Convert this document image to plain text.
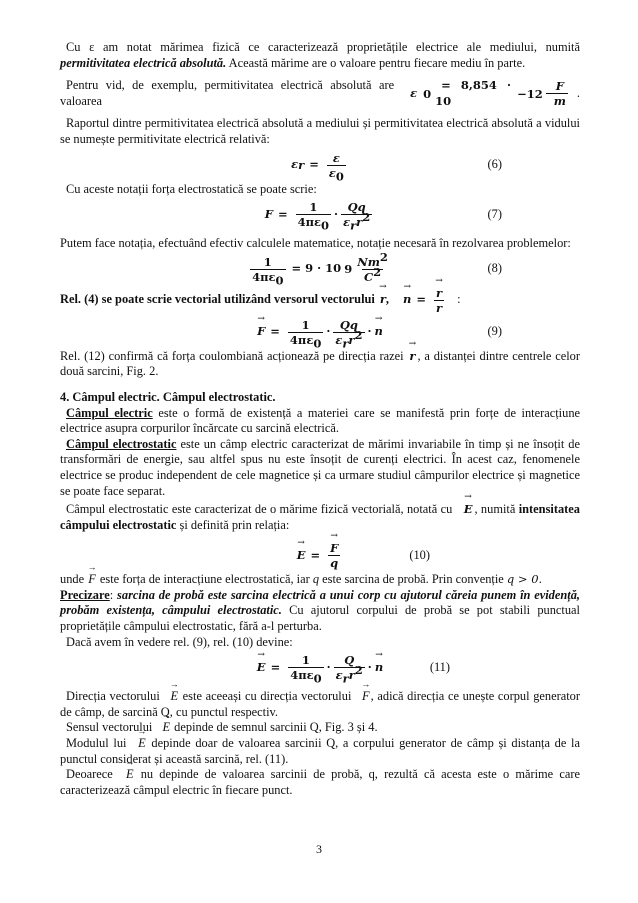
Cu ε am notat mărimea fizică ce caracterizează proprietățile electrice ale mediului, numită permitivitatea electrică absolută. Această mărime are o valoare pentru fiecare mediu în parte.

Pentru vid, de exemplu, permitivitatea electrică absolută are valoarea
ε 0
= 8,854 · 10	$-12 \frac{F}{m}$ .

Raportul dintre permitivitatea electrică absolută a mediului și permitivitatea electrică absolută a vidului se numește permitivitate electrică relativă:

ε $r = \frac{\varepsilon}{\varepsilon_0}$	(6)

Cu aceste notații forța electrostatică se poate scrie:

$F = \frac{1}{4\pi\varepsilon_0} \cdot \frac{Qq}{\varepsilon_rr^2}$	(7)

Putem face notația, efectuând efectiv calculele matematice, notație necesară în rezolvarea problemelor:

$\frac{1}{4\pi\varepsilon_0} = 9 \cdot 10$ $9 \frac{Nm^2}{C^2}$	(8)

Rel. (4) se poate scrie vectorial utilizând versorul vectorului → r , → n = → $\frac{r}{r}$ :

→ $F = \frac{1}{4\pi\varepsilon_0} \cdot \frac{Qq}{\varepsilon_rr^2}$ · → n	(9)

Rel. (12) confirmă că forța coulombiană acționează pe direcția razei → r , a distanței dintre centrele celor două sarcini, Fig. 2.

4. Câmpul electric. Câmpul electrostatic.

Câmpul electric este o formă de existență a materiei care se manifestă prin forțe de interacțiune electrice asupra corpurilor încărcate cu sarcină electrică.

Câmpul electrostatic este un câmp electric caracterizat de mărimi invariabile în timp și ne însoțit de transformări de energie, sau altfel spus nu este însoțit de curenți electrici. În acest caz, fenomenele electrice se produc independent de cele magnetice și ca urmare studiul câmpurilor electrice și magnetice se poate face separat.

Câmpul electrostatic este caracterizat de o mărime fizică vectorială, notată cu → E , numită intensitatea câmpului electrostatic și definită prin relația:

→ E = → $\frac{F}{q}$	(10)

unde → F este forța de interacțiune electrostatică, iar q este sarcina de probă. Prin convenție q > 0.

Precizare: sarcina de probă este sarcina electrică a unui corp cu ajutorul căreia punem în evidență, probăm existența, câmpului electrostatic. Cu ajutorul corpului de probă se pot stabili punctual proprietățile câmpului electrostatic, fără a-l perturba.

Dacă avem în vedere rel. (9), rel. (10) devine:

→ $E = \frac{1}{4\pi\varepsilon_0} \cdot \frac{Q}{\varepsilon_rr^2}$ · → n	(11)

Direcția vectorului → E este aceeași cu direcția vectorului → F, adică direcția ce unește corpul generator de câmp, de sarcină Q, cu punctul respectiv.

Sensul vectorului → E depinde de semnul sarcinii Q, Fig. 3 și 4.

Modulul lui → E depinde doar de valoarea sarcinii Q, a corpului generator de câmp și distanța de la punctul considerat și această sarcină, rel. (11).

Deoarece → E nu depinde de valoarea sarcinii de probă, q, rezultă că acesta este o mărime care caracterizează câmpul electric în fiecare punct.

3
